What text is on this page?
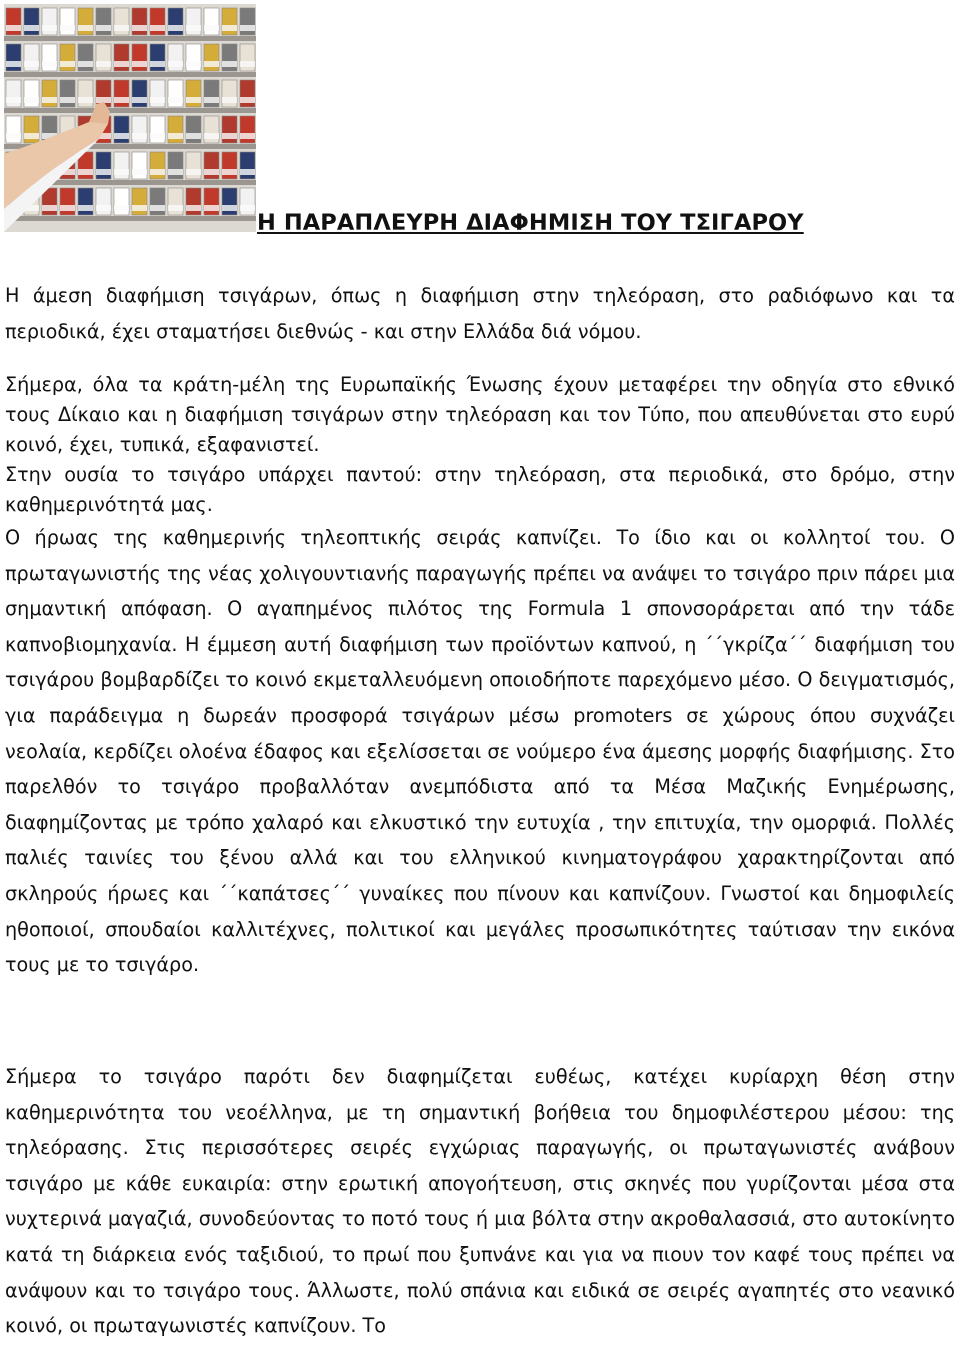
Η ΠΑΡΑΠΛΕΥΡΗ ΔΙΑΦΗΜΙΣΗ ΤΟΥ ΤΣΙΓΑΡΟΥ

Η άμεση διαφήμιση τσιγάρων, όπως η διαφήμιση στην τηλεόραση, στο ραδιόφωνο και τα περιοδικά, έχει σταματήσει διεθνώς - και στην Ελλάδα διά νόμου.

Σήμερα, όλα τα κράτη-μέλη της Ευρωπαϊκής Ένωσης έχουν μεταφέρει την οδηγία στο εθνικό τους Δίκαιο και η διαφήμιση τσιγάρων στην τηλεόραση και τον Τύπο, που απευθύνεται στο ευρύ κοινό, έχει, τυπικά, εξαφανιστεί.

Στην ουσία το τσιγάρο υπάρχει παντού: στην τηλεόραση, στα περιοδικά, στο δρόμο, στην καθημερινότητά μας.

Ο ήρωας της καθημερινής τηλεοπτικής σειράς καπνίζει. Το ίδιο και οι κολλητοί του. Ο πρωταγωνιστής της νέας χολιγουντιανής παραγωγής πρέπει να ανάψει το τσιγάρο πριν πάρει μια σημαντική απόφαση. Ο αγαπημένος πιλότος της Formula 1 σπονσοράρεται από την τάδε καπνοβιομηχανία. Η έμμεση αυτή διαφήμιση των προϊόντων καπνού, η ΄΄γκρίζα΄΄ διαφήμιση του τσιγάρου βομβαρδίζει το κοινό εκμεταλλευόμενη οποιοδήποτε παρεχόμενο μέσο. Ο δειγματισμός, για παράδειγμα η δωρεάν προσφορά τσιγάρων μέσω promoters σε χώρους όπου συχνάζει νεολαία, κερδίζει ολοένα έδαφος και εξελίσσεται σε νούμερο ένα άμεσης μορφής διαφήμισης. Στο παρελθόν το τσιγάρο προβαλλόταν ανεμπόδιστα από τα Μέσα Μαζικής Ενημέρωσης, διαφημίζοντας με τρόπο χαλαρό και ελκυστικό την ευτυχία , την επιτυχία, την ομορφιά. Πολλές παλιές ταινίες του ξένου αλλά και του ελληνικού κινηματογράφου χαρακτηρίζονται από σκληρούς ήρωες και ΄΄καπάτσες΄΄ γυναίκες που πίνουν και καπνίζουν. Γνωστοί και δημοφιλείς ηθοποιοί, σπουδαίοι καλλιτέχνες, πολιτικοί και μεγάλες προσωπικότητες ταύτισαν την εικόνα τους με το τσιγάρο.

Σήμερα το τσιγάρο παρότι δεν διαφημίζεται ευθέως, κατέχει κυρίαρχη θέση στην καθημερινότητα του νεοέλληνα, με τη σημαντική βοήθεια του δημοφιλέστερου μέσου: της τηλεόρασης. Στις περισσότερες σειρές εγχώριας παραγωγής, οι πρωταγωνιστές ανάβουν τσιγάρο με κάθε ευκαιρία: στην ερωτική απογοήτευση, στις σκηνές που γυρίζονται μέσα στα νυχτερινά μαγαζιά, συνοδεύοντας το ποτό τους ή μια βόλτα στην ακροθαλασσιά, στο αυτοκίνητο κατά τη διάρκεια ενός ταξιδιού, το πρωί που ξυπνάνε και για να πιουν τον καφέ τους πρέπει να ανάψουν και το τσιγάρο τους. Άλλωστε, πολύ σπάνια και ειδικά σε σειρές αγαπητές στο νεανικό κοινό, οι πρωταγωνιστές καπνίζουν. Το
